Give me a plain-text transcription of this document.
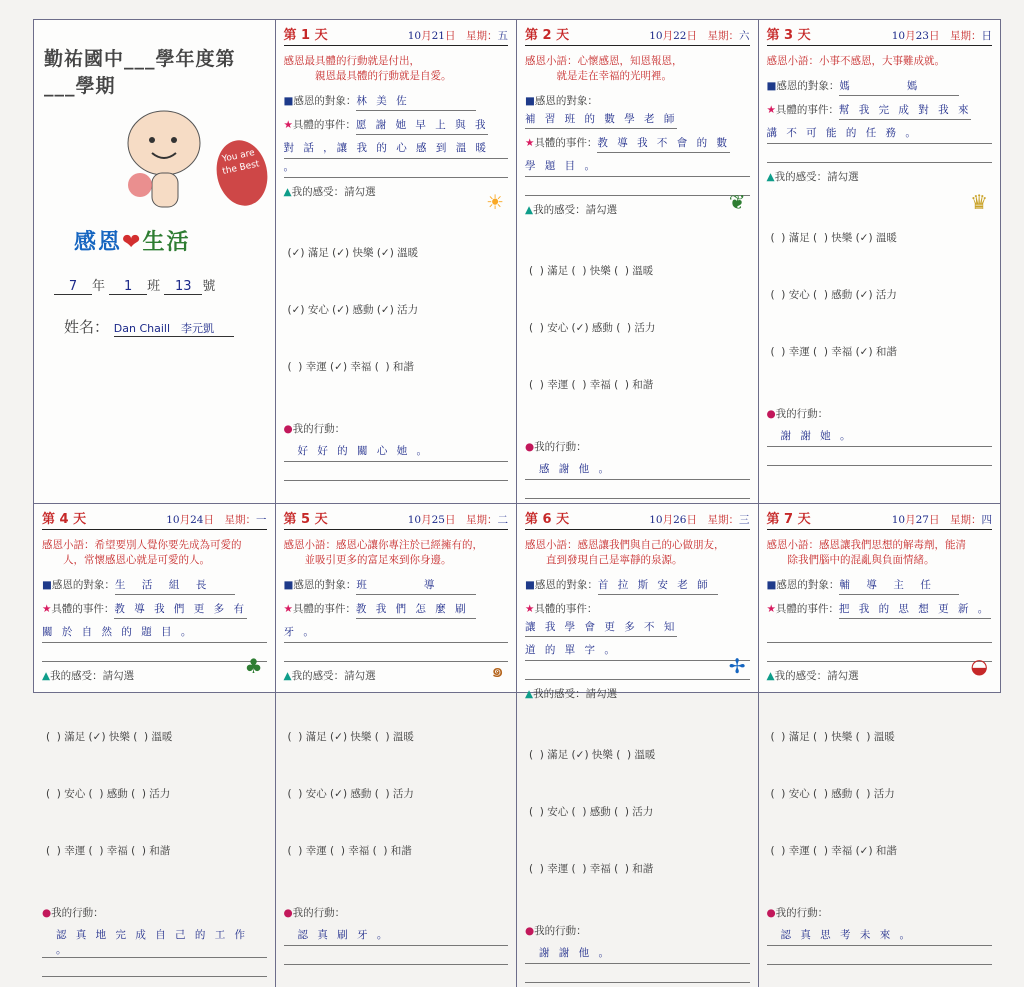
勤祐國中___學年度第___學期
You are the Best
感恩❤生活
7 年 1 班 13 號
姓名： Dan Chaill　 李元凱
第 1 天	10月21日　星期：五
感恩最具體的行動就是付出，
　　　親恩最具體的行動就是自愛。
■感恩的對象：林 美 佐
★具體的事件：愿 謝 她 早 上 與 我
對 話 ，讓 我 的 心 感 到 溫 暖
。
▲我的感受：請勾選

(✓) 滿足 (✓) 快樂 (✓) 溫暖

(✓) 安心 (✓) 感動 (✓) 活力

(  ) 幸運 (✓) 幸福 (  ) 和諧

●我的行動：
好 好 的 關 心 她 。
☀
第 2 天	10月22日　星期：六
感恩小語：心懷感恩，知恩報恩，
　　　就是走在幸福的光明裡。
■感恩的對象：補 習 班 的 數 學 老 師
★具體的事件：教 導 我 不 會 的 數
學 題 目 。
▲我的感受：請勾選

(  ) 滿足 (  ) 快樂 (  ) 溫暖

(  ) 安心 (✓) 感動 (  ) 活力

(  ) 幸運 (  ) 幸福 (  ) 和諧

●我的行動：
感 謝 他 。
❦
第 3 天	10月23日　星期：日
感恩小語：小事不感恩，大事難成就。
■感恩的對象：媽　　　　媽
★具體的事件：幫 我 完 成 對 我 來
講 不 可 能 的 任 務 。
▲我的感受：請勾選

(  ) 滿足 (  ) 快樂 (✓) 溫暖

(  ) 安心 (  ) 感動 (✓) 活力

(  ) 幸運 (  ) 幸福 (✓) 和諧

●我的行動：
謝 謝 她 。
♛
第 4 天	10月24日　星期：一
感恩小語：希望要別人覺你要先成為可愛的
　　人，常懷感恩心就是可愛的人。
■感恩的對象：生　活　組　長
★具體的事件：教 導 我 們 更 多 有
關 於 自 然 的 題 目 。
▲我的感受：請勾選

(  ) 滿足 (✓) 快樂 (  ) 溫暖

(  ) 安心 (  ) 感動 (  ) 活力

(  ) 幸運 (  ) 幸福 (  ) 和諧

●我的行動：
認 真 地 完 成 自 己 的 工 作 。
♣
第 5 天	10月25日　星期：二
感恩小語：感恩心讓你專注於已經擁有的，
　　並吸引更多的富足來到你身邊。
■感恩的對象：班　　　　導
★具體的事件：教 我 們 怎 麼 刷
牙 。
▲我的感受：請勾選

(  ) 滿足 (✓) 快樂 (  ) 溫暖

(  ) 安心 (✓) 感動 (  ) 活力

(  ) 幸運 (  ) 幸福 (  ) 和諧

●我的行動：
認 真 刷 牙 。
๑
第 6 天	10月26日　星期：三
感恩小語：感恩讓我們與自己的心做朋友，
　　直到發現自己是寧靜的泉源。
■感恩的對象：首 拉 斯 安 老 師
★具體的事件：讓 我 學 會 更 多 不 知
道 的 單 字 。
▲我的感受：請勾選

(  ) 滿足 (✓) 快樂 (  ) 溫暖

(  ) 安心 (  ) 感動 (  ) 活力

(  ) 幸運 (  ) 幸福 (  ) 和諧

●我的行動：
謝 謝 他 。
✢
第 7 天	10月27日　星期：四
感恩小語：感恩讓我們思想的解毒劑，能清
　　除我們腦中的混亂與負面情緒。
■感恩的對象：輔　導　主　任
★具體的事件：把 我 的 思 想 更 新 。
▲我的感受：請勾選

(  ) 滿足 (  ) 快樂 (  ) 溫暖

(  ) 安心 (  ) 感動 (  ) 活力

(  ) 幸運 (  ) 幸福 (✓) 和諧

●我的行動：
認 真 思 考 未 來 。
◒
